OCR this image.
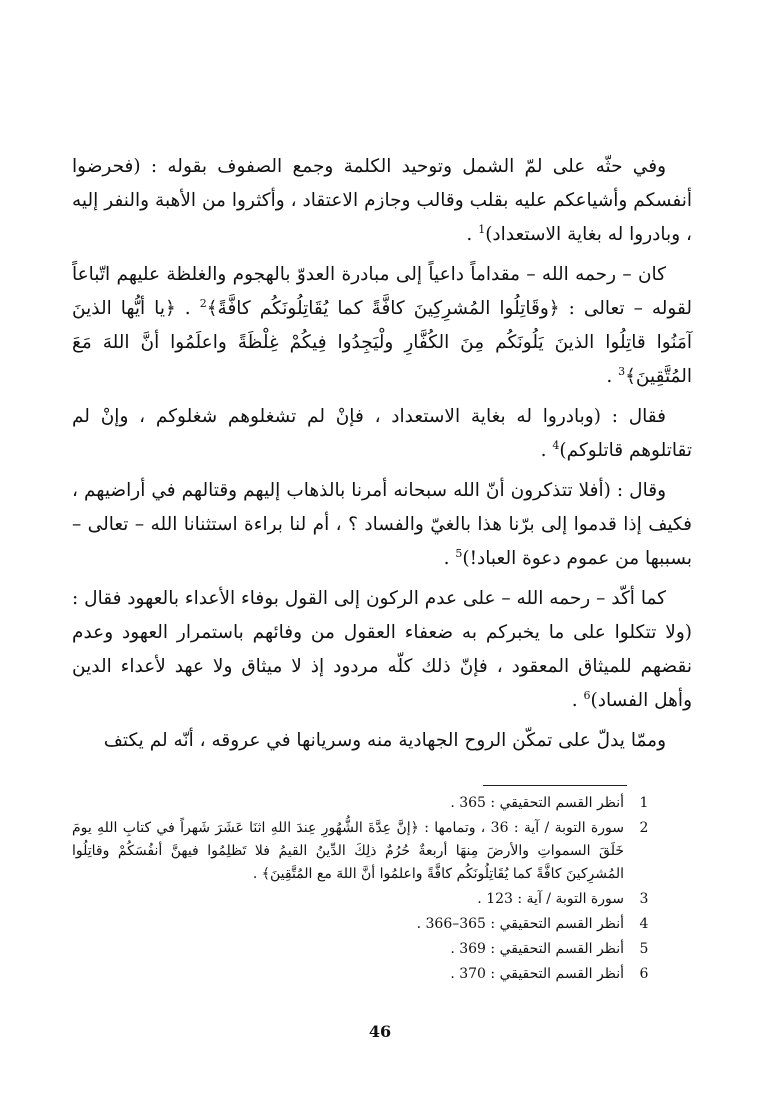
وفي حثّه على لمّ الشمل وتوحيد الكلمة وجمع الصفوف بقوله : (فحرضوا أنفسكم وأشياعكم عليه بقلب وقالب وجازم الاعتقاد ، وأكثروا من الأهبة والنفر إليه ، وبادروا له بغاية الاستعداد)$^1$ .

كان – رحمه الله – مقداماً داعياً إلى مبادرة العدوّ بالهجوم والغلظة عليهم اتّباعاً لقوله – تعالى : ﴿وقَاتِلُوا المُشرِكِينَ كافَّةً كما يُقَاتِلُونَكُم كافَّةً﴾$^2$ . ﴿يا أيُّها الذينَ آمَنُوا قاتِلُوا الذينَ يَلُونَكُم مِنَ الكُفَّارِ ولْيَجِدُوا فِيكُمْ غِلْظَةً واعلَمُوا أنَّ اللهَ مَعَ المُتَّقِينَ﴾$^3$ .

فقال : (وبادروا له بغاية الاستعداد ، فإنْ لم تشغلوهم شغلوكم ، وإنْ لم تقاتلوهم قاتلوكم)$^4$ .

وقال : (أفلا تتذكرون أنّ الله سبحانه أمرنا بالذهاب إليهم وقتالهم في أراضيهم ، فكيف إذا قدموا إلى برّنا هذا بالغيّ والفساد ؟ ، أم لنا براءة استثنانا الله – تعالى – بسببها من عموم دعوة العباد!)$^5$ .

كما أكّد – رحمه الله – على عدم الركون إلى القول بوفاء الأعداء بالعهود فقال : (ولا تتكلوا على ما يخبركم به ضعفاء العقول من وفائهم باستمرار العهود وعدم نقضهم للميثاق المعقود ، فإنّ ذلك كلّه مردود إذ لا ميثاق ولا عهد لأعداء الدين وأهل الفساد)$^6$ .

وممّا يدلّ على تمكّن الروح الجهادية منه وسريانها في عروقه ، أنّه لم يكتف

1
أنظر القسم التحقيقي : 365 .
2
سورة التوبة / آية : 36 ، وتمامها : ﴿إنَّ عِدَّةَ الشُّهُورِ عِندَ اللهِ اثنَا عَشَرَ شَهراً في كتابِ اللهِ يومَ خَلَقَ السمواتِ والأرضَ مِنهَا أربعةٌ حُرُمٌ ذلِكَ الدِّينُ القيمُ فلا تَظلِمُوا فيهنَّ أنفُسَكُمْ وقاتِلُوا المُشرِكينَ كافَّةً كما يُقَاتِلُونَكُم كافَّةً واعلمُوا أنَّ اللهَ مع المُتَّقِينَ﴾ .
3
سورة التوبة / آية : 123 .
4
أنظر القسم التحقيقي : 365–366 .
5
أنظر القسم التحقيقي : 369 .
6
أنظر القسم التحقيقي : 370 .
46
